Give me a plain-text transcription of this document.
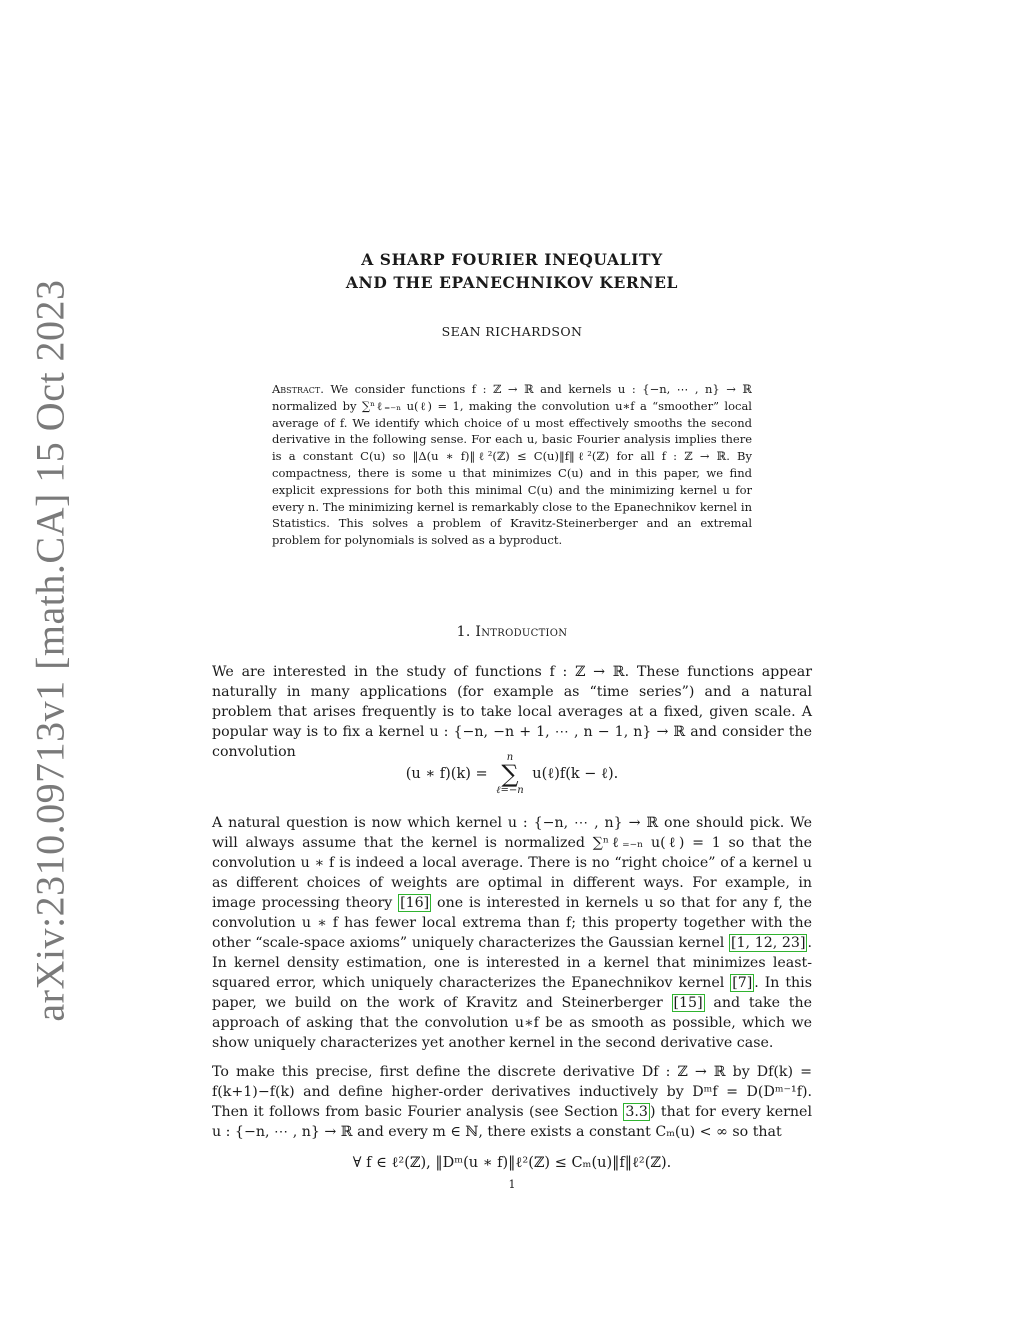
arXiv:2310.09713v1 [math.CA] 15 Oct 2023
A SHARP FOURIER INEQUALITY
AND THE EPANECHNIKOV KERNEL
SEAN RICHARDSON
Abstract. We consider functions f : ℤ → ℝ and kernels u : {−n, ⋯ , n} → ℝ normalized by ∑ⁿℓ₌₋ₙ u(ℓ) = 1, making the convolution u∗f a “smoother” local average of f. We identify which choice of u most effectively smooths the second derivative in the following sense. For each u, basic Fourier analysis implies there is a constant C(u) so ‖Δ(u ∗ f)‖ℓ²(ℤ) ≤ C(u)‖f‖ℓ²(ℤ) for all f : ℤ → ℝ. By compactness, there is some u that minimizes C(u) and in this paper, we find explicit expressions for both this minimal C(u) and the minimizing kernel u for every n. The minimizing kernel is remarkably close to the Epanechnikov kernel in Statistics. This solves a problem of Kravitz-Steinerberger and an extremal problem for polynomials is solved as a byproduct.
1. Introduction
We are interested in the study of functions f : ℤ → ℝ. These functions appear naturally in many applications (for example as “time series”) and a natural problem that arises frequently is to take local averages at a fixed, given scale. A popular way is to fix a kernel u : {−n, −n + 1, ⋯ , n − 1, n} → ℝ and consider the convolution
(u ∗ f)(k) =
n
∑
ℓ=−n
u(ℓ)f(k − ℓ).
A natural question is now which kernel u : {−n, ⋯ , n} → ℝ one should pick. We will always assume that the kernel is normalized ∑ⁿℓ₌₋ₙ u(ℓ) = 1 so that the convolution u ∗ f is indeed a local average. There is no “right choice” of a kernel u as different choices of weights are optimal in different ways. For example, in image processing theory [16] one is interested in kernels u so that for any f, the convolution u ∗ f has fewer local extrema than f; this property together with the other “scale-space axioms” uniquely characterizes the Gaussian kernel [1, 12, 23] . In kernel density estimation, one is interested in a kernel that minimizes least-squared error, which uniquely characterizes the Epanechnikov kernel [7] . In this paper, we build on the work of Kravitz and Steinerberger [15] and take the approach of asking that the convolution u∗f be as smooth as possible, which we show uniquely characterizes yet another kernel in the second derivative case.
To make this precise, first define the discrete derivative Df : ℤ → ℝ by Df(k) = f(k+1)−f(k) and define higher-order derivatives inductively by Dᵐf = D(Dᵐ⁻¹f). Then it follows from basic Fourier analysis (see Section 3.3 ) that for every kernel u : {−n, ⋯ , n} → ℝ and every m ∈ ℕ, there exists a constant Cₘ(u) < ∞ so that
∀ f ∈ ℓ²(ℤ), ‖Dᵐ(u ∗ f)‖ℓ²(ℤ) ≤ Cₘ(u)‖f‖ℓ²(ℤ).
1
